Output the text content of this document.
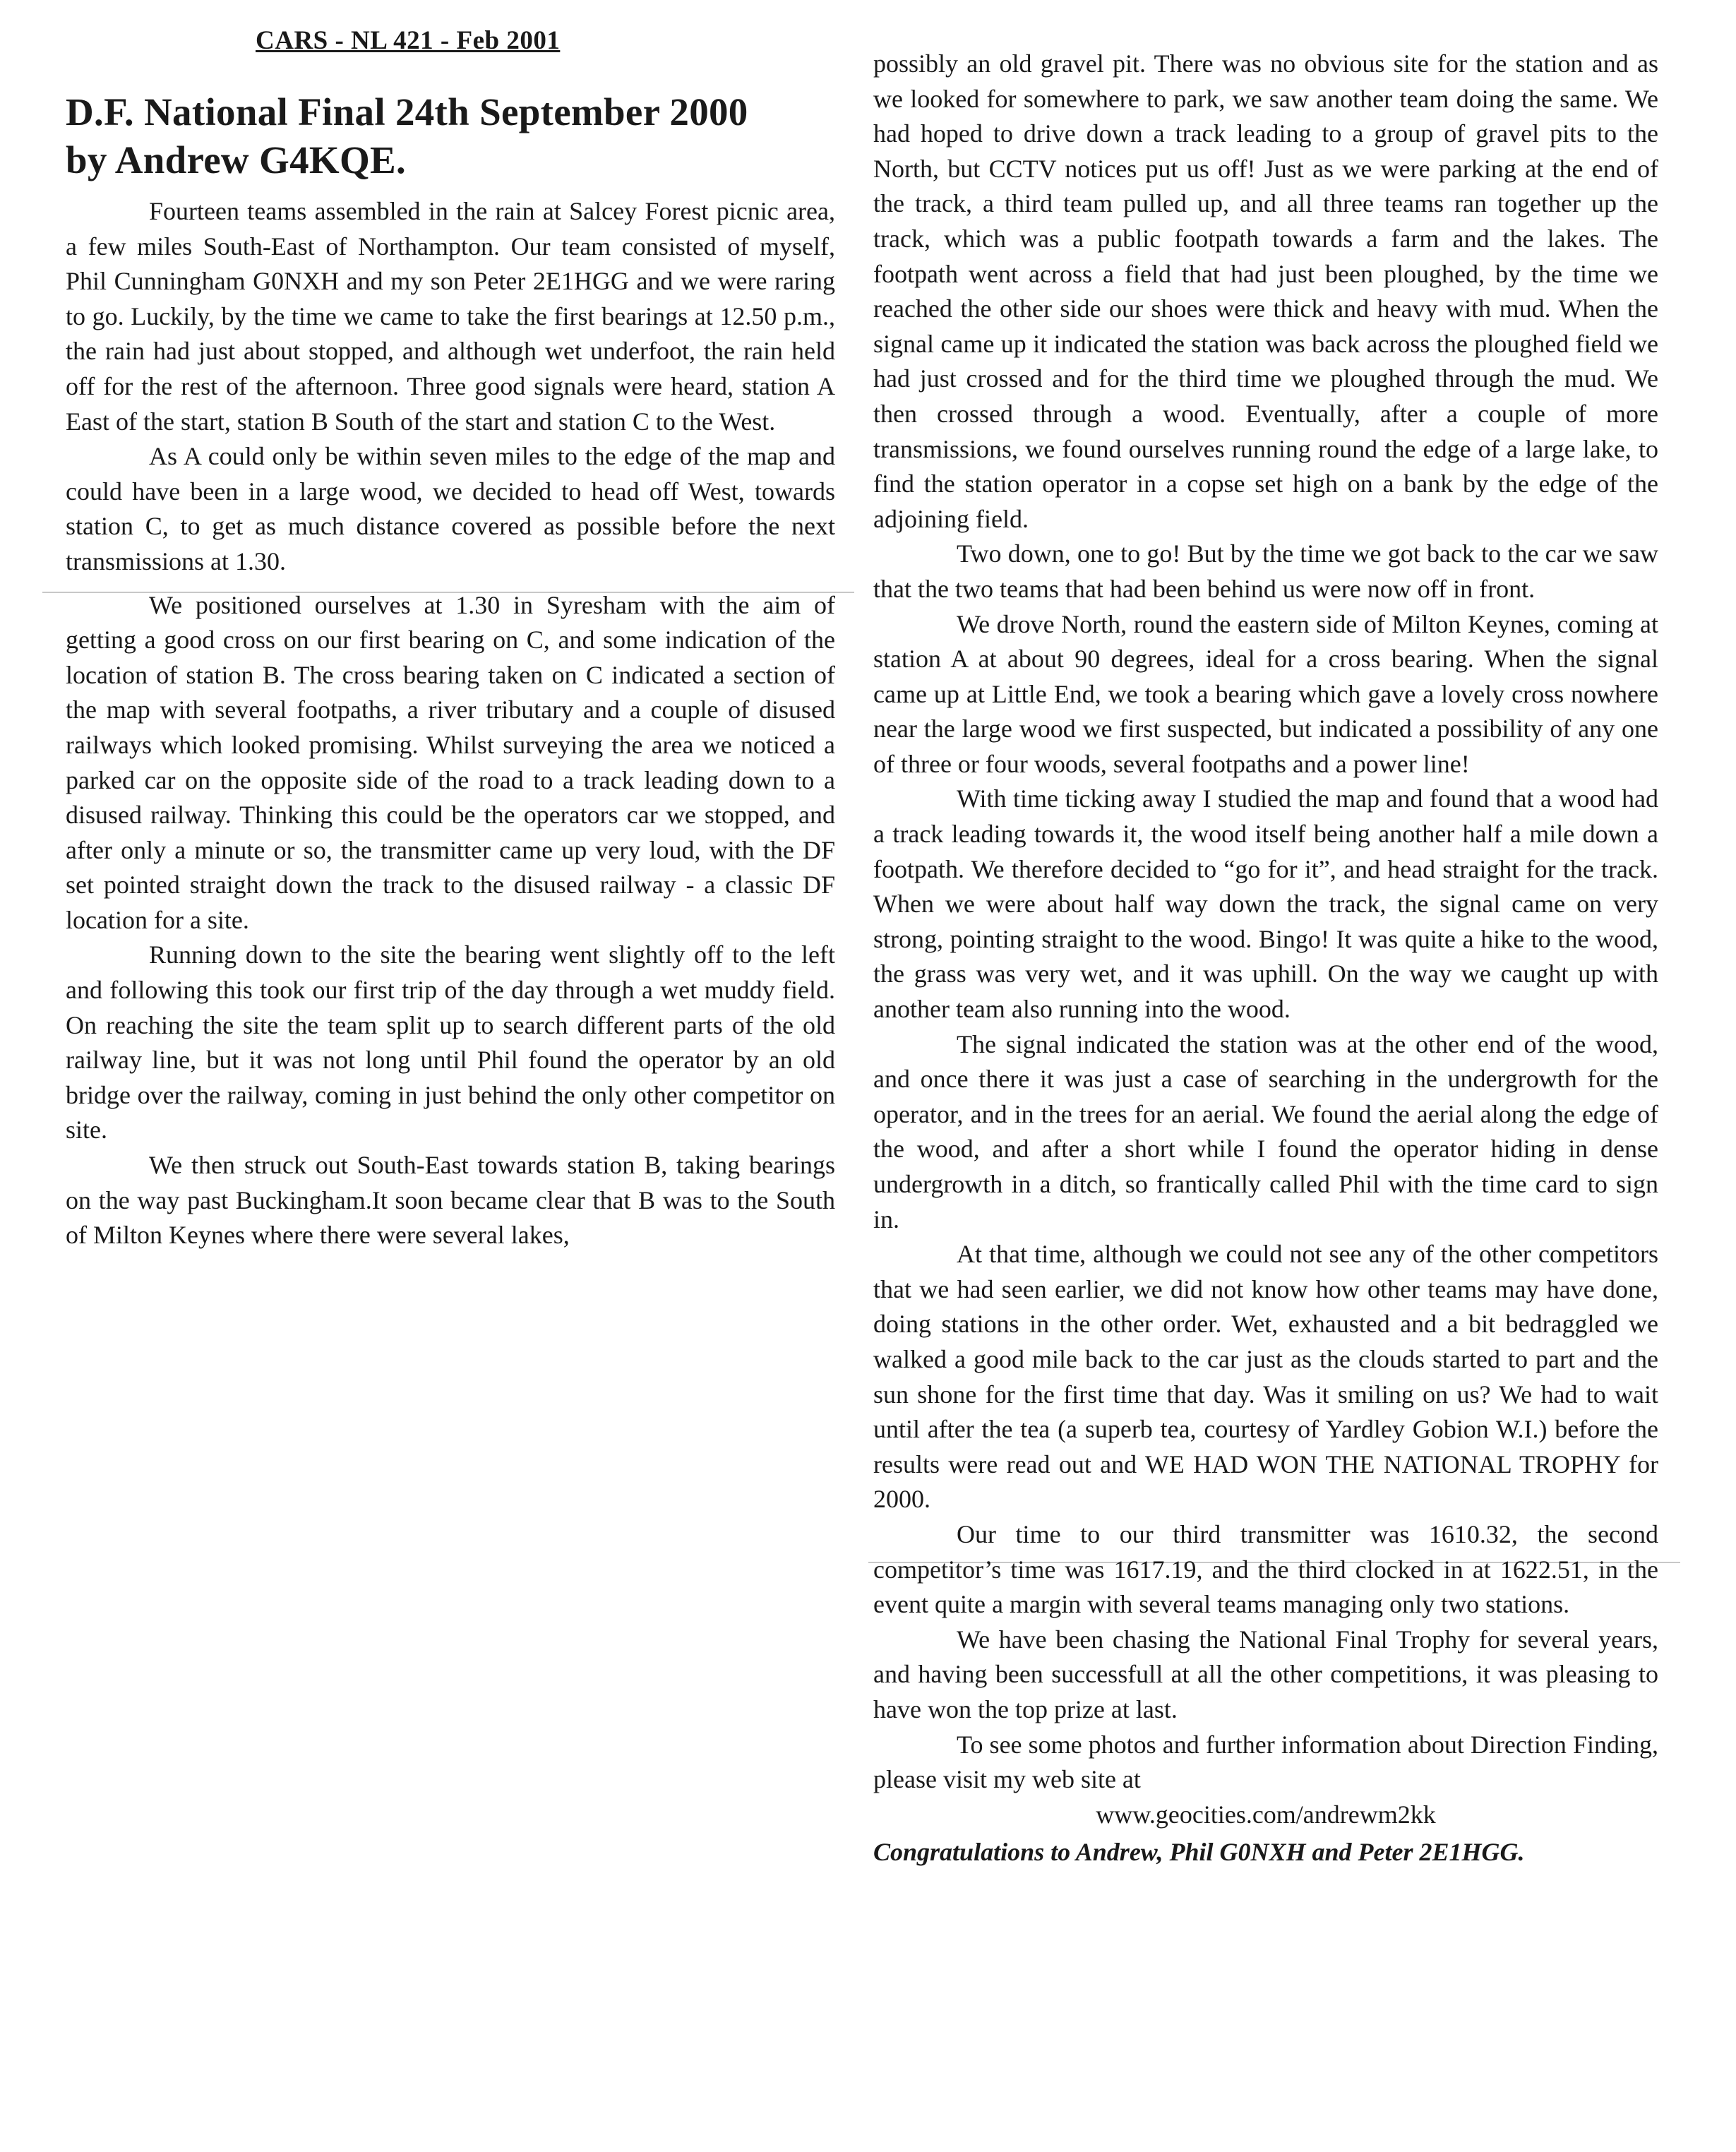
CARS - NL 421 - Feb 2001
D.F. National Final 24th September 2000
by Andrew G4KQE.

Fourteen teams assembled in the rain at Salcey Forest picnic area, a few miles South-East of Northampton. Our team consisted of myself, Phil Cunningham G0NXH and my son Peter 2E1HGG and we were raring to go. Luckily, by the time we came to take the first bearings at 12.50 p.m., the rain had just about stopped, and although wet underfoot, the rain held off for the rest of the afternoon. Three good signals were heard, station A East of the start, station B South of the start and station C to the West.

As A could only be within seven miles to the edge of the map and could have been in a large wood, we decided to head off West, towards station C, to get as much distance covered as possible before the next transmissions at 1.30.

We positioned ourselves at 1.30 in Syresham with the aim of getting a good cross on our first bearing on C, and some indication of the location of station B. The cross bearing taken on C indicated a section of the map with several footpaths, a river tributary and a couple of disused railways which looked promising. Whilst surveying the area we noticed a parked car on the opposite side of the road to a track leading down to a disused railway. Thinking this could be the operators car we stopped, and after only a minute or so, the transmitter came up very loud, with the DF set pointed straight down the track to the disused railway - a classic DF location for a site.

Running down to the site the bearing went slightly off to the left and following this took our first trip of the day through a wet muddy field. On reaching the site the team split up to search different parts of the old railway line, but it was not long until Phil found the operator by an old bridge over the railway, coming in just behind the only other competitor on site.

We then struck out South-East towards station B, taking bearings on the way past Buckingham.It soon became clear that B was to the South of Milton Keynes where there were several lakes,

possibly an old gravel pit. There was no obvious site for the station and as we looked for somewhere to park, we saw another team doing the same. We had hoped to drive down a track leading to a group of gravel pits to the North, but CCTV notices put us off! Just as we were parking at the end of the track, a third team pulled up, and all three teams ran together up the track, which was a public footpath towards a farm and the lakes. The footpath went across a field that had just been ploughed, by the time we reached the other side our shoes were thick and heavy with mud. When the signal came up it indicated the station was back across the ploughed field we had just crossed and for the third time we ploughed through the mud. We then crossed through a wood. Eventually, after a couple of more transmissions, we found ourselves running round the edge of a large lake, to find the station operator in a copse set high on a bank by the edge of the adjoining field.

Two down, one to go! But by the time we got back to the car we saw that the two teams that had been behind us were now off in front.

We drove North, round the eastern side of Milton Keynes, coming at station A at about 90 degrees, ideal for a cross bearing. When the signal came up at Little End, we took a bearing which gave a lovely cross nowhere near the large wood we first suspected, but indicated a possibility of any one of three or four woods, several footpaths and a power line!

With time ticking away I studied the map and found that a wood had a track leading towards it, the wood itself being another half a mile down a footpath. We therefore decided to “go for it”, and head straight for the track. When we were about half way down the track, the signal came on very strong, pointing straight to the wood. Bingo! It was quite a hike to the wood, the grass was very wet, and it was uphill. On the way we caught up with another team also running into the wood.

The signal indicated the station was at the other end of the wood, and once there it was just a case of searching in the undergrowth for the operator, and in the trees for an aerial. We found the aerial along the edge of the wood, and after a short while I found the operator hiding in dense undergrowth in a ditch, so frantically called Phil with the time card to sign in.

At that time, although we could not see any of the other competitors that we had seen earlier, we did not know how other teams may have done, doing stations in the other order. Wet, exhausted and a bit bedraggled we walked a good mile back to the car just as the clouds started to part and the sun shone for the first time that day. Was it smiling on us? We had to wait until after the tea (a superb tea, courtesy of Yardley Gobion W.I.) before the results were read out and WE HAD WON THE NATIONAL TROPHY for 2000.

Our time to our third transmitter was 1610.32, the second competitor’s time was 1617.19, and the third clocked in at 1622.51, in the event quite a margin with several teams managing only two stations.

We have been chasing the National Final Trophy for several years, and having been successfull at all the other competitions, it was pleasing to have won the top prize at last.

To see some photos and further information about Direction Finding, please visit my web site at

www.geocities.com/andrewm2kk

Congratulations to Andrew, Phil G0NXH and Peter 2E1HGG.
